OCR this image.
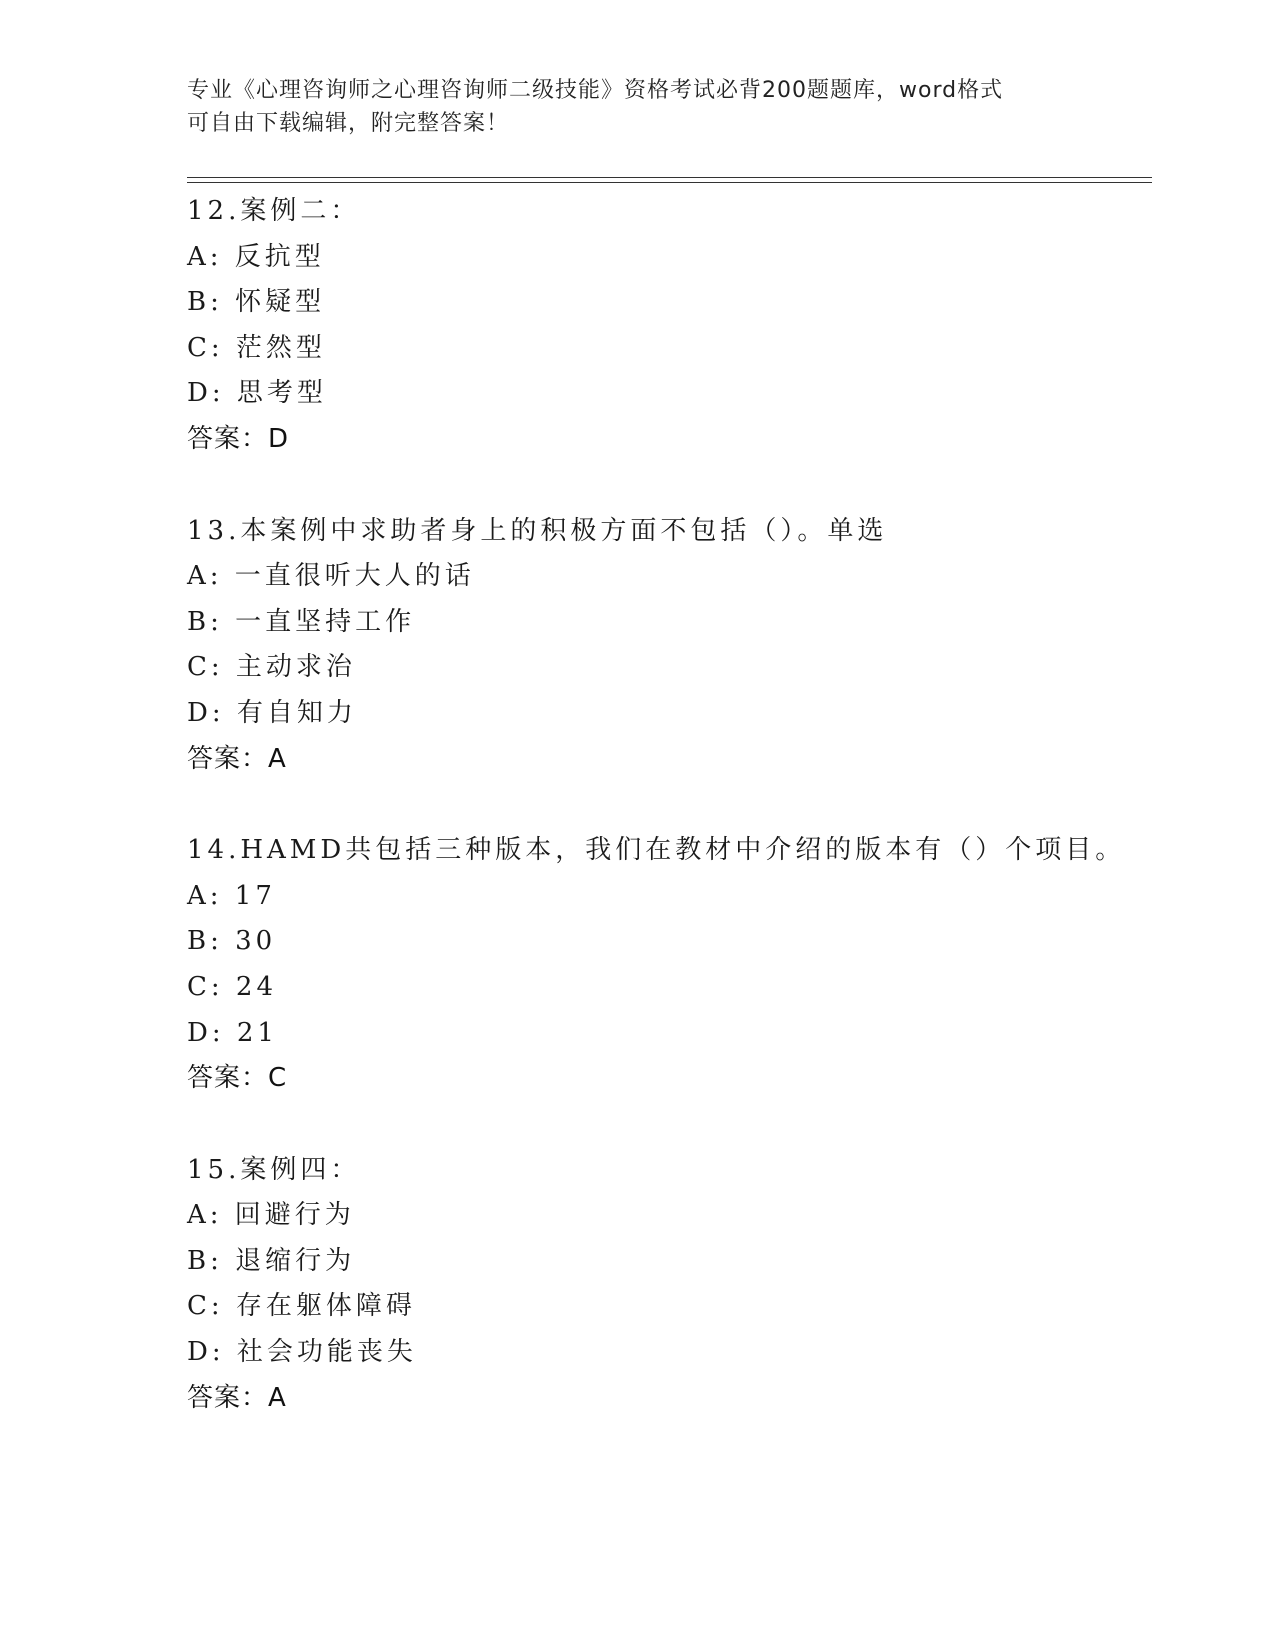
专业《心理咨询师之心理咨询师二级技能》资格考试必背200题题库，word格式
可自由下载编辑，附完整答案！
12.案例二：
A: 反抗型
B: 怀疑型
C: 茫然型
D: 思考型
答案：D
13.本案例中求助者身上的积极方面不包括（）。单选
A: 一直很听大人的话
B: 一直坚持工作
C: 主动求治
D: 有自知力
答案：A
14.HAMD共包括三种版本，我们在教材中介绍的版本有（）个项目。
A: 17
B: 30
C: 24
D: 21
答案：C
15.案例四：
A: 回避行为
B: 退缩行为
C: 存在躯体障碍
D: 社会功能丧失
答案：A
